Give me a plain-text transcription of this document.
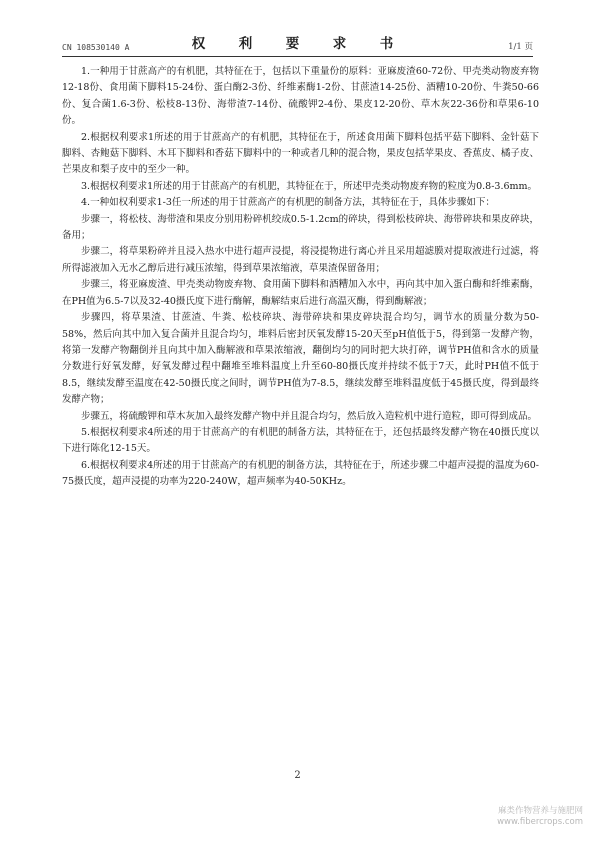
CN 108530140 A	权　利　要　求　书	1/1 页

1.一种用于甘蔗高产的有机肥，其特征在于，包括以下重量份的原料：亚麻废渣60-72份、甲壳类动物废弃物12-18份、食用菌下脚料15-24份、蛋白酶2-3份、纤维素酶1-2份、甘蔗渣14-25份、酒糟10-20份、牛粪50-66份、复合菌1.6-3份、松枝8-13份、海带渣7-14份、硫酸钾2-4份、果皮12-20份、草木灰22-36份和草果6-10份。

2.根据权利要求1所述的用于甘蔗高产的有机肥，其特征在于，所述食用菌下脚料包括平菇下脚料、金针菇下脚料、杏鲍菇下脚料、木耳下脚料和香菇下脚料中的一种或者几种的混合物，果皮包括苹果皮、香蕉皮、橘子皮、芒果皮和梨子皮中的至少一种。

3.根据权利要求1所述的用于甘蔗高产的有机肥，其特征在于，所述甲壳类动物废弃物的粒度为0.8-3.6mm。

4.一种如权利要求1-3任一所述的用于甘蔗高产的有机肥的制备方法，其特征在于，具体步骤如下：

步骤一，将松枝、海带渣和果皮分别用粉碎机绞成0.5-1.2cm的碎块，得到松枝碎块、海带碎块和果皮碎块，备用；

步骤二，将草果粉碎并且浸入热水中进行超声浸提，将浸提物进行离心并且采用超滤膜对提取液进行过滤，将所得滤液加入无水乙醇后进行减压浓缩，得到草果浓缩液，草果渣保留备用；

步骤三，将亚麻废渣、甲壳类动物废弃物、食用菌下脚料和酒糟加入水中，再向其中加入蛋白酶和纤维素酶，在PH值为6.5-7以及32-40摄氏度下进行酶解，酶解结束后进行高温灭酶，得到酶解液；

步骤四，将草果渣、甘蔗渣、牛粪、松枝碎块、海带碎块和果皮碎块混合均匀，调节水的质量分数为50-58%，然后向其中加入复合菌并且混合均匀，堆料后密封厌氧发酵15-20天至pH值低于5，得到第一发酵产物，将第一发酵产物翻倒并且向其中加入酶解液和草果浓缩液，翻倒均匀的同时把大块打碎，调节PH值和含水的质量分数进行好氧发酵，好氧发酵过程中翻堆至堆料温度上升至60-80摄氏度并持续不低于7天，此时PH值不低于8.5，继续发酵至温度在42-50摄氏度之间时，调节PH值为7-8.5，继续发酵至堆料温度低于45摄氏度，得到最终发酵产物；

步骤五，将硫酸钾和草木灰加入最终发酵产物中并且混合均匀，然后放入造粒机中进行造粒，即可得到成品。

5.根据权利要求4所述的用于甘蔗高产的有机肥的制备方法，其特征在于，还包括最终发酵产物在40摄氏度以下进行陈化12-15天。

6.根据权利要求4所述的用于甘蔗高产的有机肥的制备方法，其特征在于，所述步骤二中超声浸提的温度为60-75摄氏度，超声浸提的功率为220-240W，超声频率为40-50KHz。

2
麻类作物营养与施肥网
www.fibercrops.com
